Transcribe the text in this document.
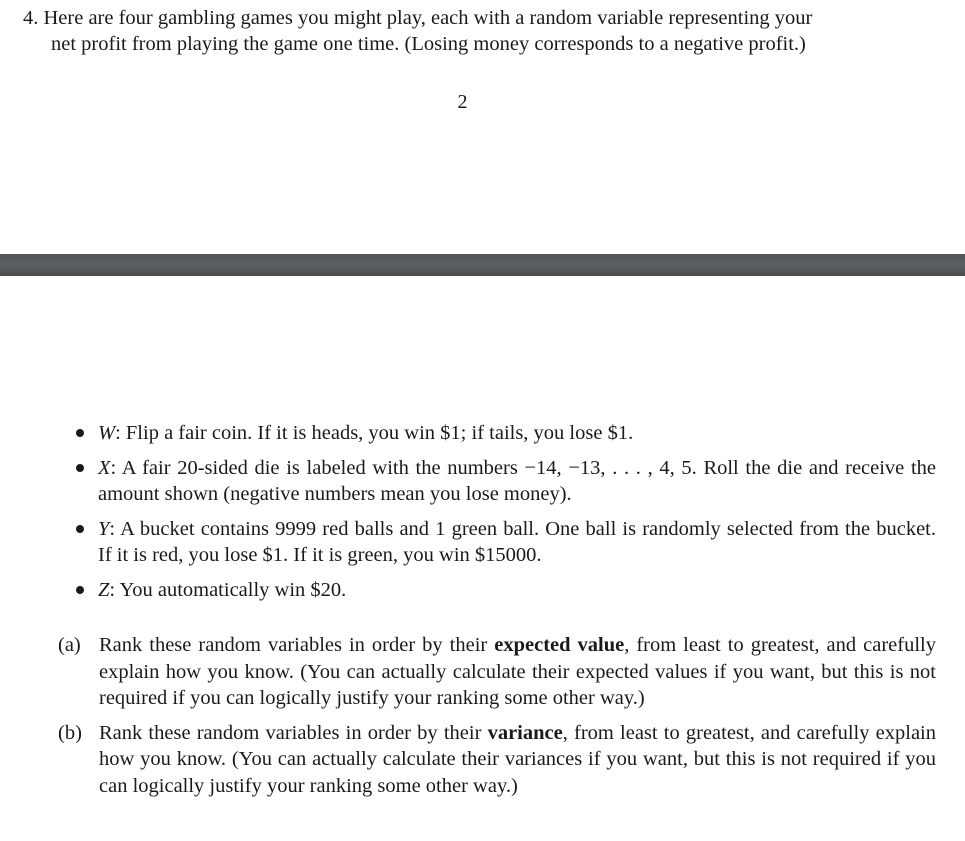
4. Here are four gambling games you might play, each with a random variable representing your
net profit from playing the game one time. (Losing money corresponds to a negative profit.)
2
W: Flip a fair coin. If it is heads, you win $1; if tails, you lose $1.
X: A fair 20-sided die is labeled with the numbers −14, −13, . . . , 4, 5. Roll the die and receive the amount shown (negative numbers mean you lose money).
Y: A bucket contains 9999 red balls and 1 green ball. One ball is randomly selected from the bucket. If it is red, you lose $1. If it is green, you win $15000.
Z: You automatically win $20.
(a) Rank these random variables in order by their expected value, from least to greatest, and carefully explain how you know. (You can actually calculate their expected values if you want, but this is not required if you can logically justify your ranking some other way.)
(b) Rank these random variables in order by their variance, from least to greatest, and carefully explain how you know. (You can actually calculate their variances if you want, but this is not required if you can logically justify your ranking some other way.)
